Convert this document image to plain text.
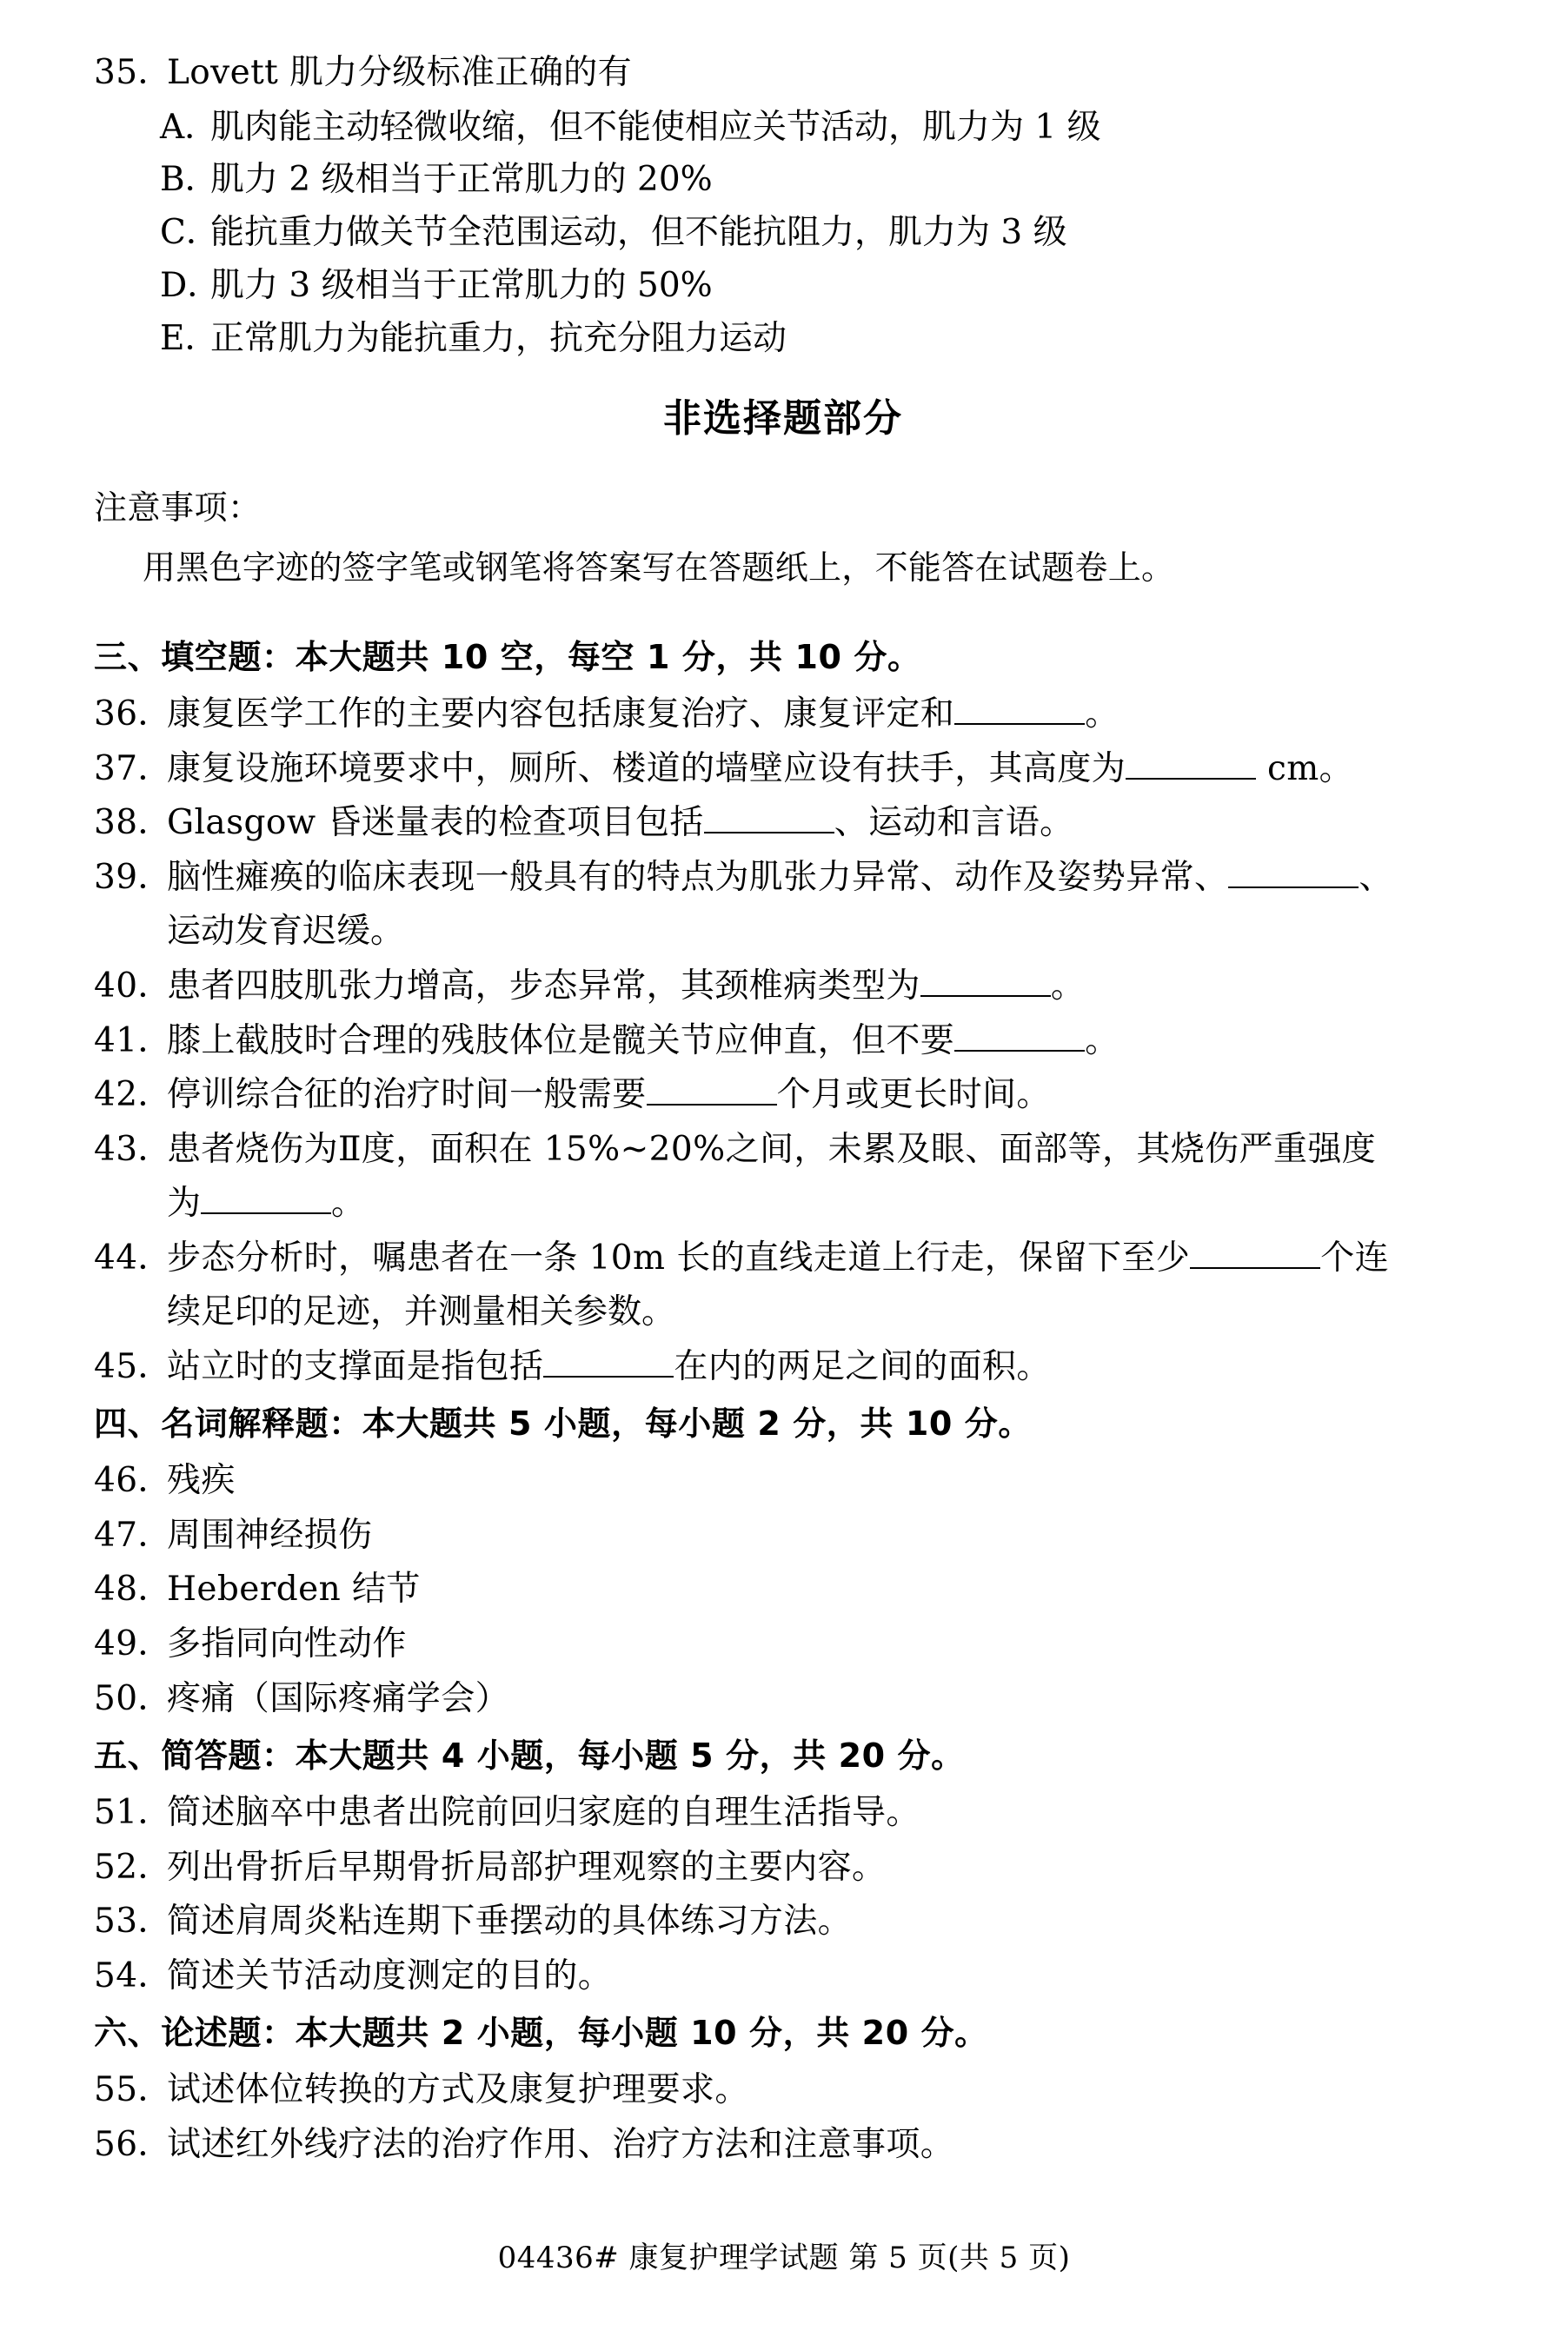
35．
Lovett 肌力分级标准正确的有
A．
肌肉能主动轻微收缩，但不能使相应关节活动，肌力为 1 级
B．
肌力 2 级相当于正常肌力的 20%
C．
能抗重力做关节全范围运动，但不能抗阻力，肌力为 3 级
D．
肌力 3 级相当于正常肌力的 50%
E．
正常肌力为能抗重力，抗充分阻力运动
非选择题部分
注意事项：
用黑色字迹的签字笔或钢笔将答案写在答题纸上，不能答在试题卷上。
三、填空题：本大题共 10 空，每空 1 分，共 10 分。
36．
康复医学工作的主要内容包括康复治疗、康复评定和	。
37．
康复设施环境要求中，厕所、楼道的墙壁应设有扶手，其高度为	cm。
38．
Glasgow 昏迷量表的检查项目包括	、运动和言语。
39．
脑性瘫痪的临床表现一般具有的特点为肌张力异常、动作及姿势异常、	、
运动发育迟缓。
40．
患者四肢肌张力增高，步态异常，其颈椎病类型为	。
41．
膝上截肢时合理的残肢体位是髋关节应伸直，但不要	。
42．
停训综合征的治疗时间一般需要	个月或更长时间。
43．
患者烧伤为Ⅱ度，面积在 15%~20%之间，未累及眼、面部等，其烧伤严重强度
为	。
44．
步态分析时，嘱患者在一条 10m 长的直线走道上行走，保留下至少	个连
续足印的足迹，并测量相关参数。
45．
站立时的支撑面是指包括	在内的两足之间的面积。
四、名词解释题：本大题共 5 小题，每小题 2 分，共 10 分。
46．
残疾
47．
周围神经损伤
48．
Heberden 结节
49．
多指同向性动作
50．
疼痛（国际疼痛学会）
五、简答题：本大题共 4 小题，每小题 5 分，共 20 分。
51．
简述脑卒中患者出院前回归家庭的自理生活指导。
52．
列出骨折后早期骨折局部护理观察的主要内容。
53．
简述肩周炎粘连期下垂摆动的具体练习方法。
54．
简述关节活动度测定的目的。
六、论述题：本大题共 2 小题，每小题 10 分，共 20 分。
55．
试述体位转换的方式及康复护理要求。
56．
试述红外线疗法的治疗作用、治疗方法和注意事项。
04436# 康复护理学试题 第 5 页(共 5 页)
